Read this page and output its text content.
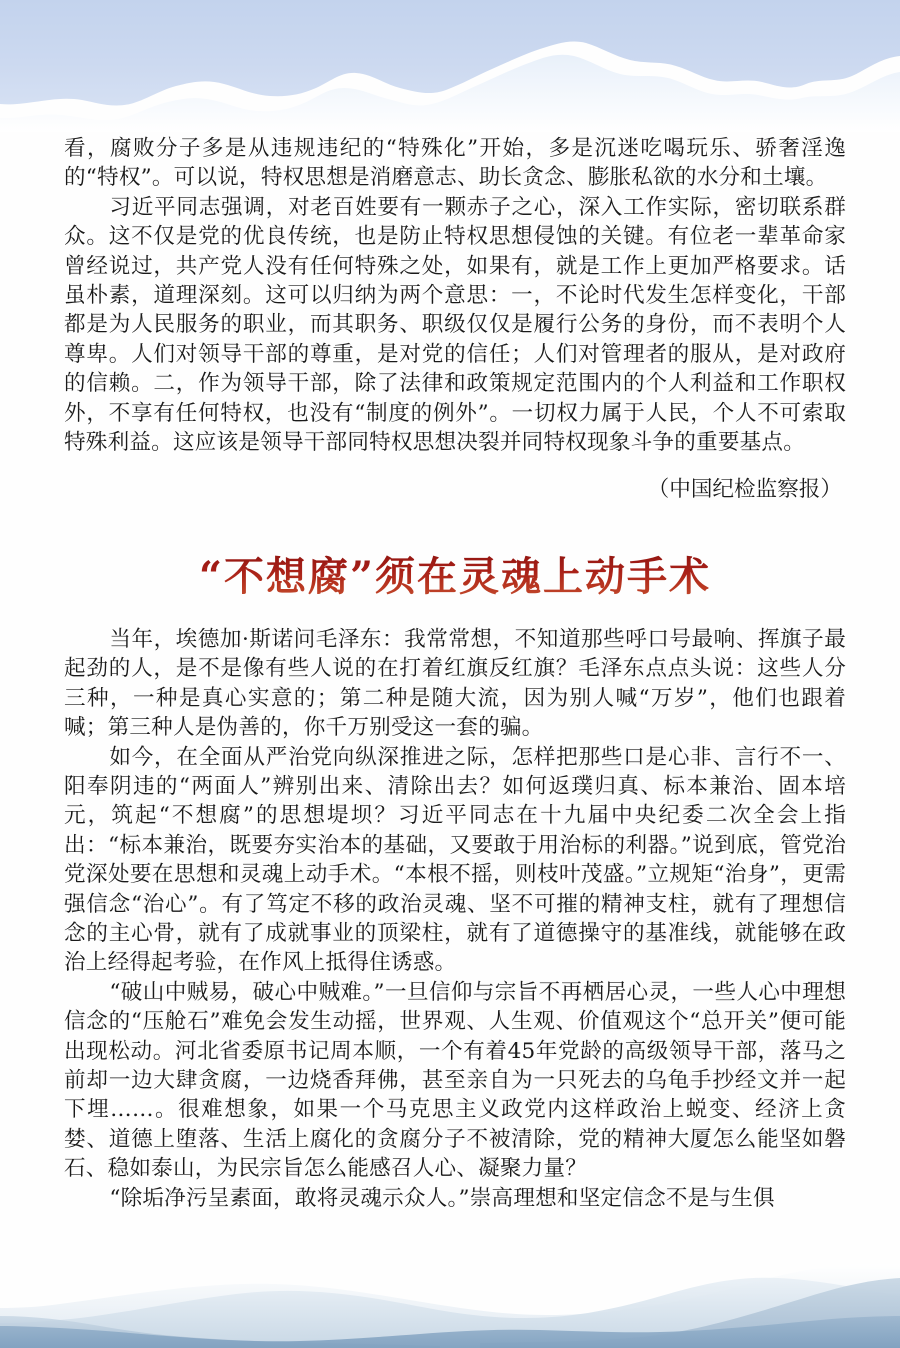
看，腐败分子多是从违规违纪的“特殊化”开始，多是沉迷吃喝玩乐、骄奢淫逸的“特权”。可以说，特权思想是消磨意志、助长贪念、膨胀私欲的水分和土壤。

习近平同志强调，对老百姓要有一颗赤子之心，深入工作实际，密切联系群众。这不仅是党的优良传统，也是防止特权思想侵蚀的关键。有位老一辈革命家曾经说过，共产党人没有任何特殊之处，如果有，就是工作上更加严格要求。话虽朴素，道理深刻。这可以归纳为两个意思：一，不论时代发生怎样变化，干部都是为人民服务的职业，而其职务、职级仅仅是履行公务的身份，而不表明个人尊卑。人们对领导干部的尊重，是对党的信任；人们对管理者的服从，是对政府的信赖。二，作为领导干部，除了法律和政策规定范围内的个人利益和工作职权外，不享有任何特权，也没有“制度的例外”。一切权力属于人民，个人不可索取特殊利益。这应该是领导干部同特权思想决裂并同特权现象斗争的重要基点。

（中国纪检监察报）
“不想腐”须在灵魂上动手术

当年，埃德加·斯诺问毛泽东：我常常想，不知道那些呼口号最响、挥旗子最起劲的人，是不是像有些人说的在打着红旗反红旗？毛泽东点点头说：这些人分三种，一种是真心实意的；第二种是随大流，因为别人喊“万岁”，他们也跟着喊；第三种人是伪善的，你千万别受这一套的骗。

如今，在全面从严治党向纵深推进之际，怎样把那些口是心非、言行不一、阳奉阴违的“两面人”辨别出来、清除出去？如何返璞归真、标本兼治、固本培元，筑起“不想腐”的思想堤坝？习近平同志在十九届中央纪委二次全会上指出：“标本兼治，既要夯实治本的基础，又要敢于用治标的利器。”说到底，管党治党深处要在思想和灵魂上动手术。“本根不摇，则枝叶茂盛。”立规矩“治身”，更需强信念“治心”。有了笃定不移的政治灵魂、坚不可摧的精神支柱，就有了理想信念的主心骨，就有了成就事业的顶梁柱，就有了道德操守的基准线，就能够在政治上经得起考验，在作风上抵得住诱惑。

“破山中贼易，破心中贼难。”一旦信仰与宗旨不再栖居心灵，一些人心中理想信念的“压舱石”难免会发生动摇，世界观、人生观、价值观这个“总开关”便可能出现松动。河北省委原书记周本顺，一个有着45年党龄的高级领导干部，落马之前却一边大肆贪腐，一边烧香拜佛，甚至亲自为一只死去的乌龟手抄经文并一起下埋……。很难想象，如果一个马克思主义政党内这样政治上蜕变、经济上贪婪、道德上堕落、生活上腐化的贪腐分子不被清除，党的精神大厦怎么能坚如磐石、稳如泰山，为民宗旨怎么能感召人心、凝聚力量？

“除垢净污呈素面，敢将灵魂示众人。”崇高理想和坚定信念不是与生俱
